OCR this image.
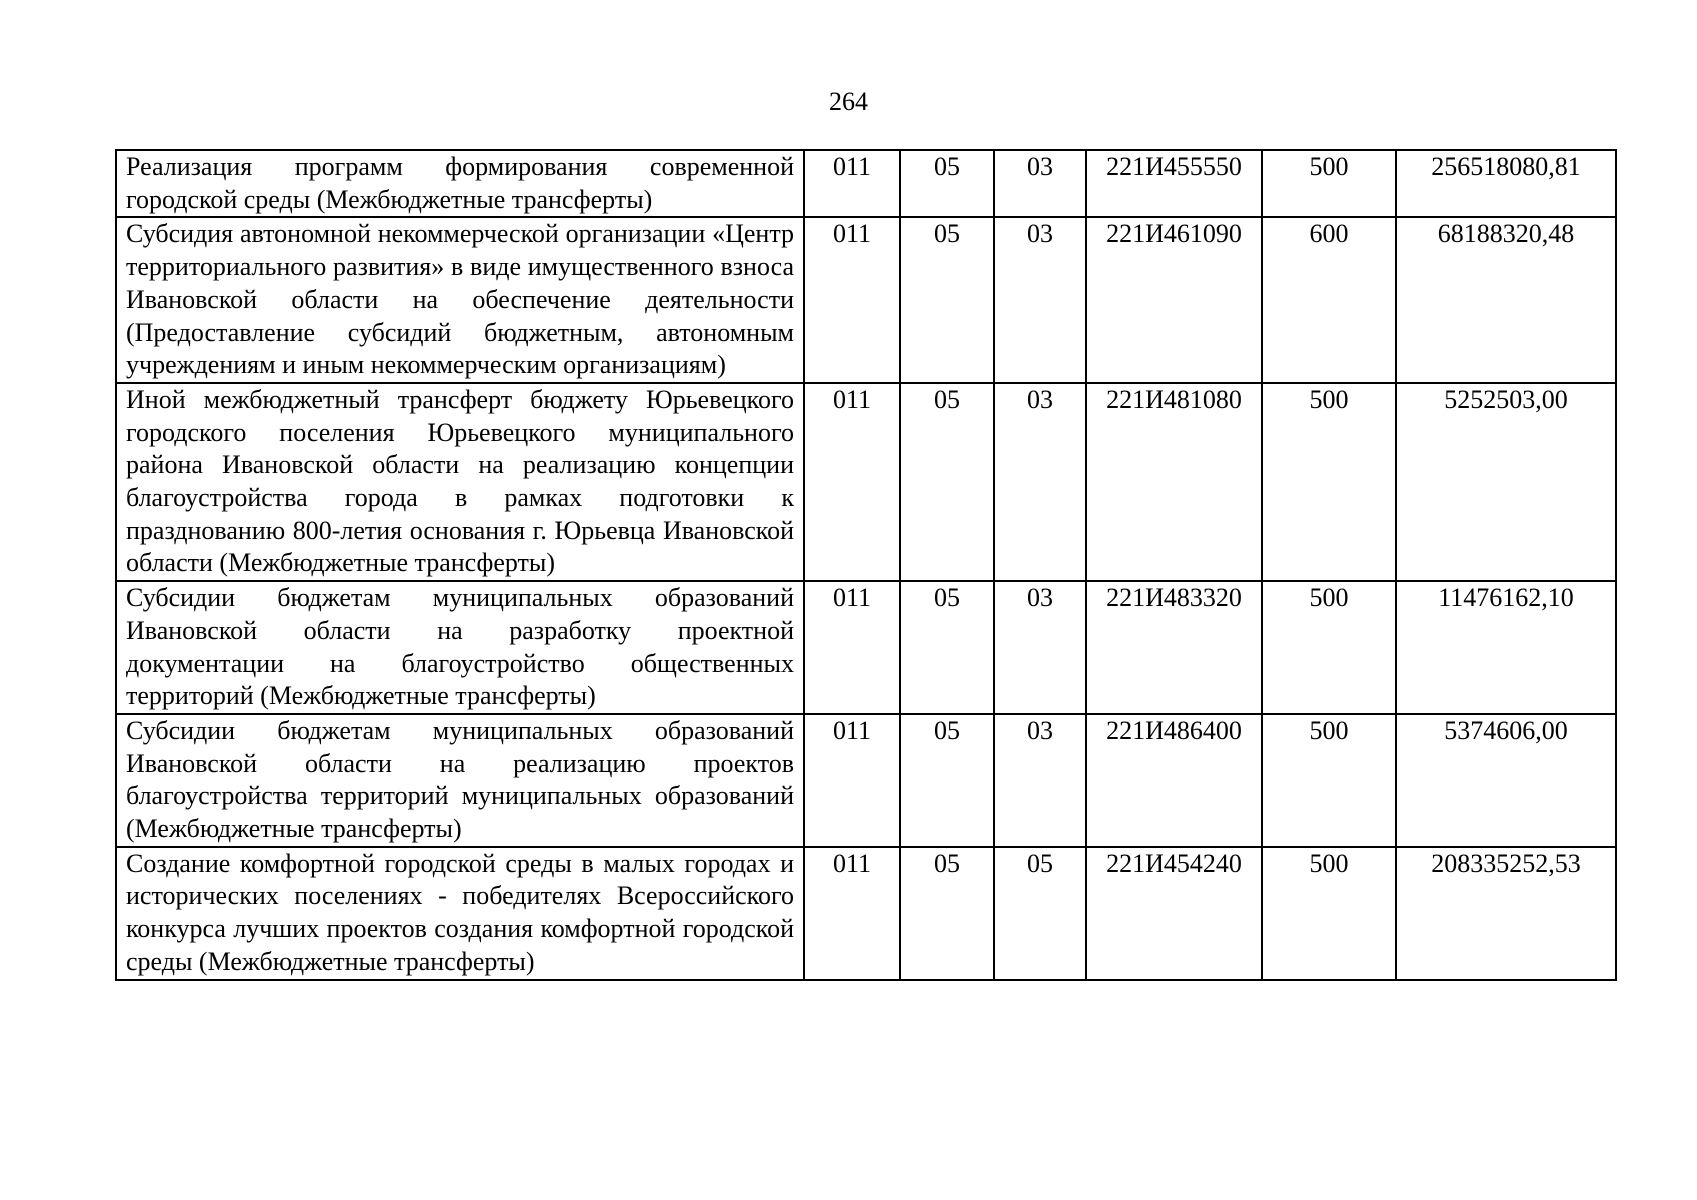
264
Реализация программ формирования современной городской среды (Межбюджетные трансферты)	011	05	03	221И455550	500	256518080,81
Субсидия автономной некоммерческой организации «Центр территориального развития» в виде имущественного взноса Ивановской области на обеспечение деятельности (Предоставление субсидий бюджетным, автономным учреждениям и иным некоммерческим организациям)	011	05	03	221И461090	600	68188320,48
Иной межбюджетный трансферт бюджету Юрьевецкого городского поселения Юрьевецкого муниципального района Ивановской области на реализацию концепции благоустройства города в рамках подготовки к празднованию 800-летия основания г. Юрьевца Ивановской области (Межбюджетные трансферты)	011	05	03	221И481080	500	5252503,00
Субсидии бюджетам муниципальных образований Ивановской области на разработку проектной документации на благоустройство общественных территорий (Межбюджетные трансферты)	011	05	03	221И483320	500	11476162,10
Субсидии бюджетам муниципальных образований Ивановской области на реализацию проектов благоустройства территорий муниципальных образований (Межбюджетные трансферты)	011	05	03	221И486400	500	5374606,00
Создание комфортной городской среды в малых городах и исторических поселениях - победителях Всероссийского конкурса лучших проектов создания комфортной городской среды (Межбюджетные трансферты)	011	05	05	221И454240	500	208335252,53
